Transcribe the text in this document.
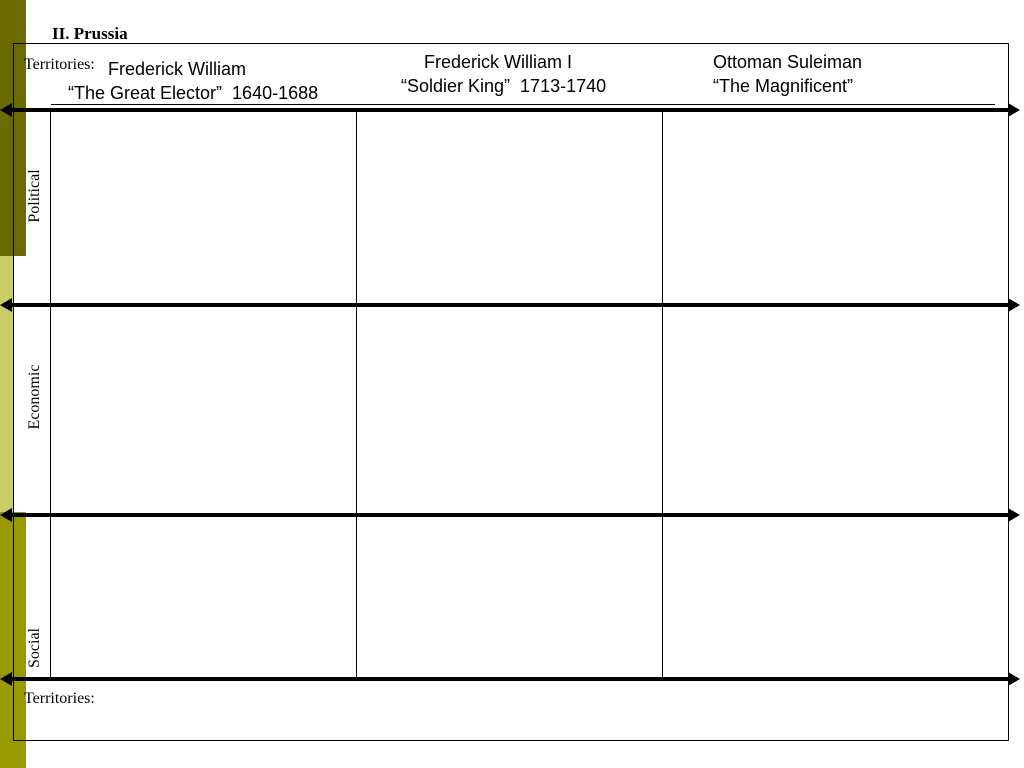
II. Prussia
Territories: Frederick William
“The Great Elector”  1640-1688
Frederick William I
“Soldier King”  1713-1740
Ottoman Suleiman
“The Magnificent”
Political
Economic
Social
Territories:
